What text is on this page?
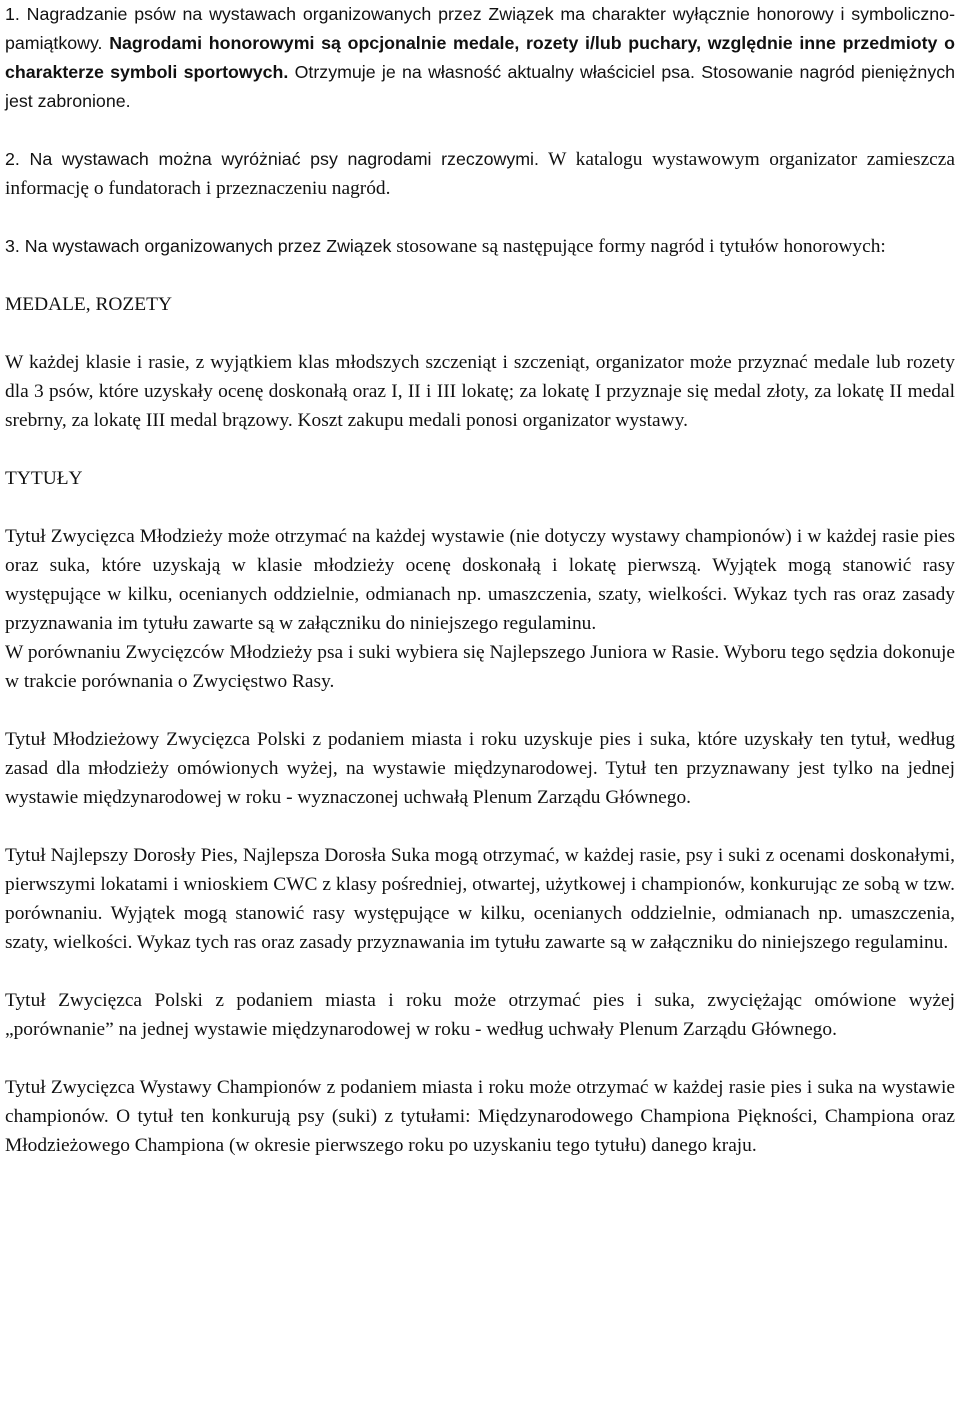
1. Nagradzanie psów na wystawach organizowanych przez Związek ma charakter wyłącznie honorowy i symboliczno-pamiątkowy. Nagrodami honorowymi są opcjonalnie medale, rozety i/lub puchary, względnie inne przedmioty o charakterze symboli sportowych. Otrzymuje je na własność aktualny właściciel psa. Stosowanie nagród pieniężnych jest zabronione.

2. Na wystawach można wyróżniać psy nagrodami rzeczowymi. W katalogu wystawowym organizator zamieszcza informację o fundatorach i przeznaczeniu nagród.

3. Na wystawach organizowanych przez Związek stosowane są następujące formy nagród i tytułów honorowych:

MEDALE, ROZETY

W każdej klasie i rasie, z wyjątkiem klas młodszych szczeniąt i szczeniąt, organizator może przyznać medale lub rozety dla 3 psów, które uzyskały ocenę doskonałą oraz I, II i III lokatę; za lokatę I przyznaje się medal złoty, za lokatę II medal srebrny, za lokatę III medal brązowy. Koszt zakupu medali ponosi organizator wystawy.

TYTUŁY

Tytuł Zwycięzca Młodzieży może otrzymać na każdej wystawie (nie dotyczy wystawy championów) i w każdej rasie pies oraz suka, które uzyskają w klasie młodzieży ocenę doskonałą i lokatę pierwszą. Wyjątek mogą stanowić rasy występujące w kilku, ocenianych oddzielnie, odmianach np. umaszczenia, szaty, wielkości. Wykaz tych ras oraz zasady przyznawania im tytułu zawarte są w załączniku do niniejszego regulaminu.

W porównaniu Zwycięzców Młodzieży psa i suki wybiera się Najlepszego Juniora w Rasie. Wyboru tego sędzia dokonuje w trakcie porównania o Zwycięstwo Rasy.

Tytuł Młodzieżowy Zwycięzca Polski z podaniem miasta i roku uzyskuje pies i suka, które uzyskały ten tytuł, według zasad dla młodzieży omówionych wyżej, na wystawie międzynarodowej. Tytuł ten przyznawany jest tylko na jednej wystawie międzynarodowej w roku - wyznaczonej uchwałą Plenum Zarządu Głównego.

Tytuł Najlepszy Dorosły Pies, Najlepsza Dorosła Suka mogą otrzymać, w każdej rasie, psy i suki z ocenami doskonałymi, pierwszymi lokatami i wnioskiem CWC z klasy pośredniej, otwartej, użytkowej i championów, konkurując ze sobą w tzw. porównaniu. Wyjątek mogą stanowić rasy występujące w kilku, ocenianych oddzielnie, odmianach np. umaszczenia, szaty, wielkości. Wykaz tych ras oraz zasady przyznawania im tytułu zawarte są w załączniku do niniejszego regulaminu.

Tytuł Zwycięzca Polski z podaniem miasta i roku może otrzymać pies i suka, zwyciężając omówione wyżej „porównanie” na jednej wystawie międzynarodowej w roku - według uchwały Plenum Zarządu Głównego.

Tytuł Zwycięzca Wystawy Championów z podaniem miasta i roku może otrzymać w każdej rasie pies i suka na wystawie championów. O tytuł ten konkurują psy (suki) z tytułami: Międzynarodowego Championa Piękności, Championa oraz Młodzieżowego Championa (w okresie pierwszego roku po uzyskaniu tego tytułu) danego kraju.
